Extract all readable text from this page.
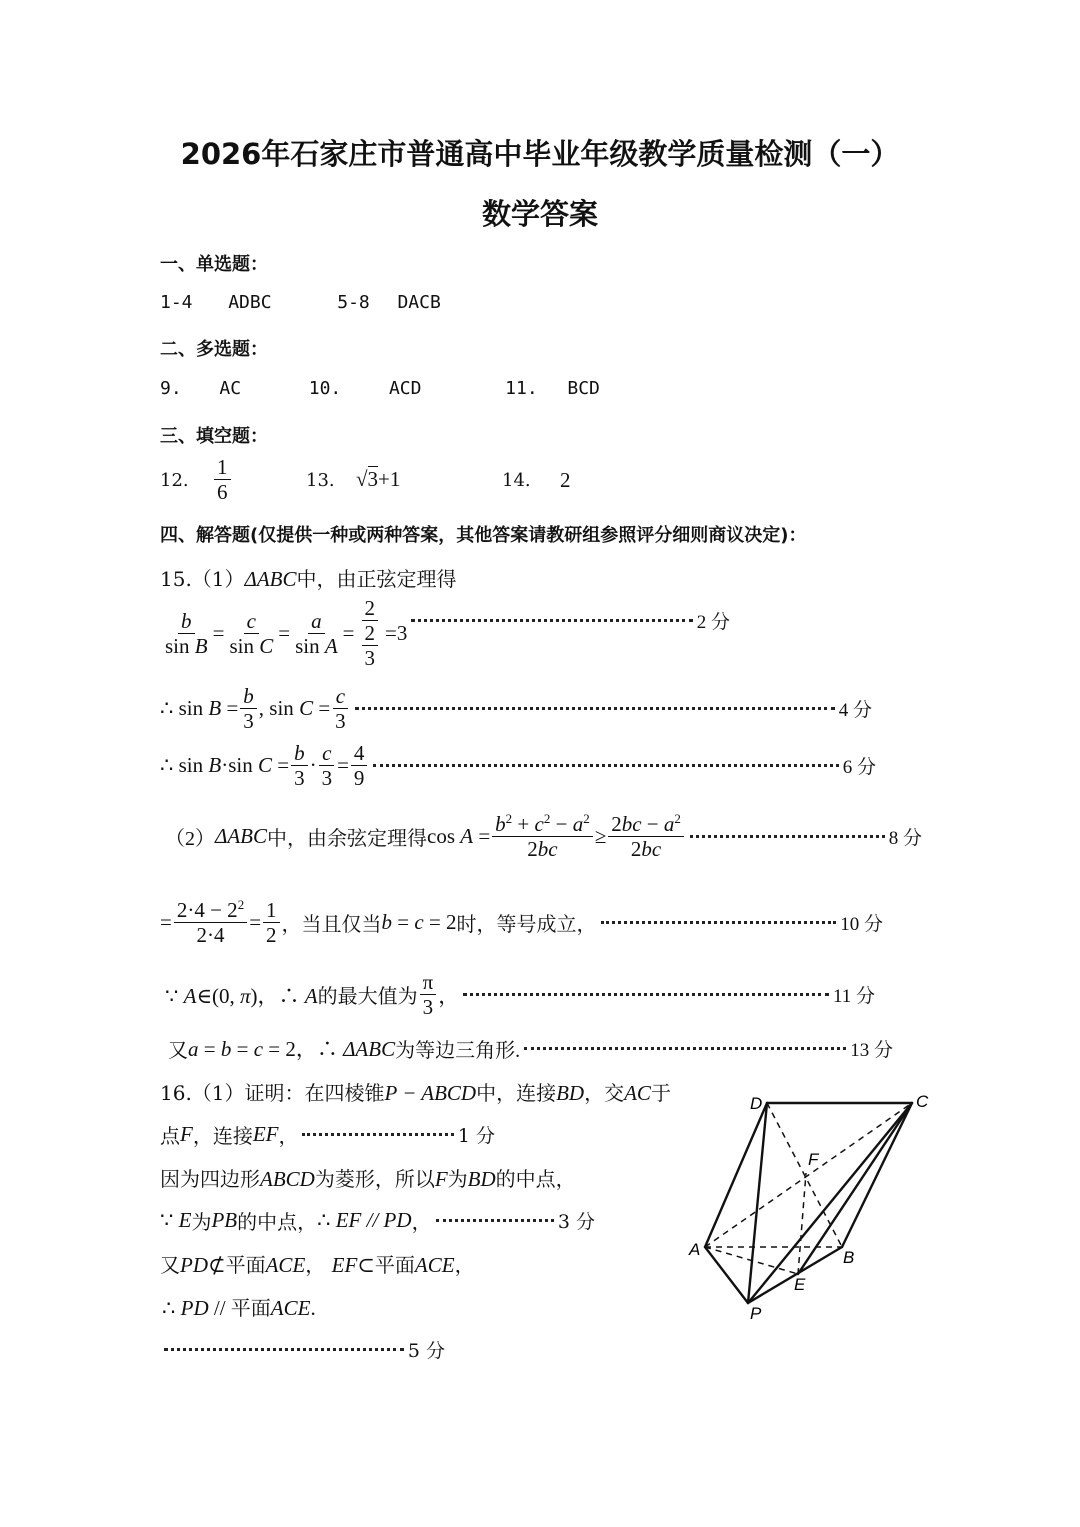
2026年石家庄市普通高中毕业年级教学质量检测（一）
数学答案
一、单选题：
1-4 ADBC	5-8 DACB
二、多选题：
9. AC	10.	ACD	11. BCD
三、填空题：
12. $\frac{1}{6}$	13. √3+1	14. 2
四、解答题(仅提供一种或两种答案，其他答案请教研组参照评分细则商议决定)：
15.（1）ΔABC中，由正弦定理得
$\frac{b}{\text{sin B}} = \frac{c}{\text{sin C}} = \frac{a}{\text{sin A}} = \frac{2}{\frac{2}{3}} =3$	2 分
∴ $\sin B = \frac{b}{3}$ , $\sin C = \frac{c}{3}$	4 分
∴ sin B·sin $C = \frac{b}{3} \cdot \frac{c}{3} = \frac{4}{9}$	6 分
（2） ΔABC 中，由余弦定理得 $\cos A = \frac{b^2 + c^2 - a^2}{2bc} \ge \frac{2bc - a^2}{2bc}$	8 分
= $\frac{2\cdot 4 - 2^2}{2\cdot 4} = \frac{1}{2}$ ，当且仅当 b = c = 2 时，等号成立，	10 分
∵ A∈(0, π)，∴ A 的最大值为 $\frac{\pi}{3}$ ，	11 分
又 a = b = c = 2，∴ ΔABC 为等边三角形.	13 分
16.（1）证明：在四棱锥P − ABCD中，连接BD，交AC于
点 F ，连接 EF ，	1 分
因为四边形ABCD为菱形，所以F为BD的中点，
∵ E 为 PB 的中点， ∴ EF // PD ，	3 分
又PD⊄平面ACE， EF⊂平面ACE，
∴ PD // 平面ACE.
5 分
D	C
F
A	B
E
P
